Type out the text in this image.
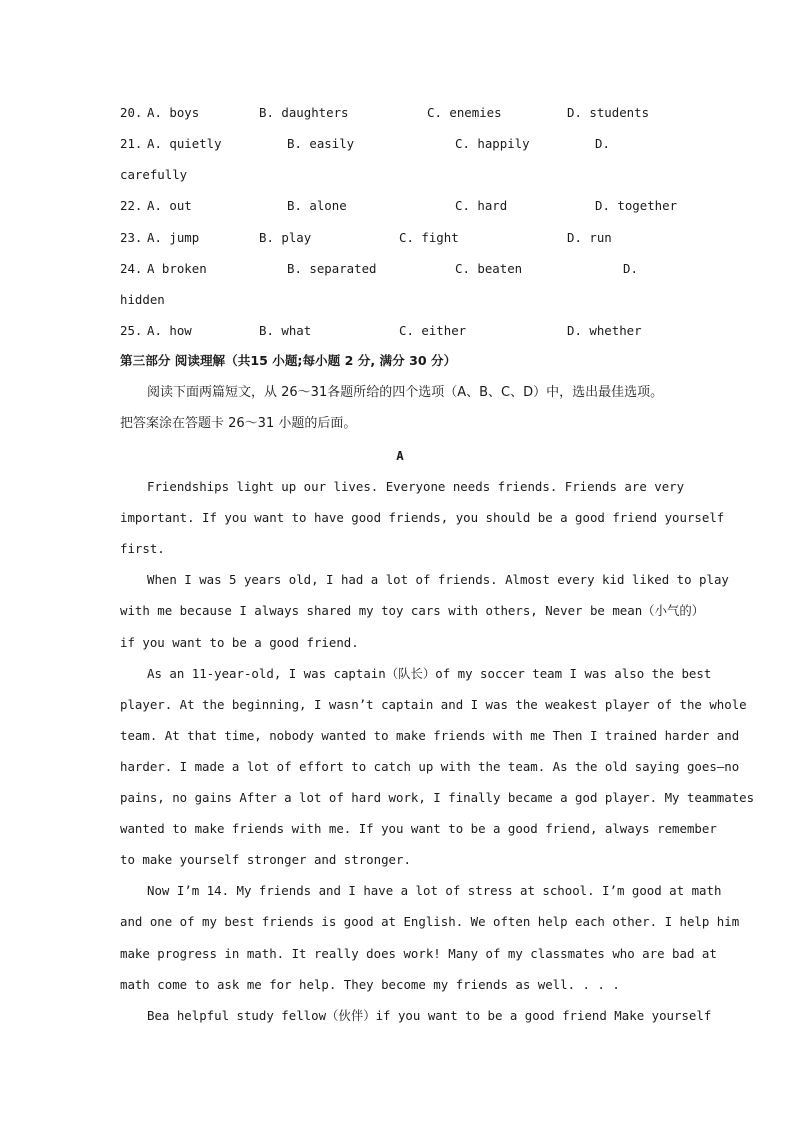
20. A. boys	B. daughters	C. enemies	D. students
21. A. quietly	B. easily	C. happily	D.
carefully
22. A. out	B. alone	C. hard	D. together
23. A. jump	B. play	C. fight	D. run
24. A broken	B. separated	C. beaten	D.
hidden
25. A. how	B. what	C. either	D. whether
第三部分 阅读理解（共15 小题;每小题 2 分, 满分 30 分）
阅读下面两篇短文，从 26～31各题所给的四个选项（A、B、C、D）中，选出最佳选项。
把答案涂在答题卡 26～31 小题的后面。
A
Friendships light up our lives. Everyone needs friends. Friends are very
important. If you want to have good friends, you should be a good friend yourself
first.
When I was 5 years old, I had a lot of friends. Almost every kid liked to play
with me because I always shared my toy cars with others, Never be mean（小气的）
if you want to be a good friend.
As an 11-year-old, I was captain（队长）of my soccer team I was also the best
player. At the beginning, I wasn’t captain and I was the weakest player of the whole
team. At that time, nobody wanted to make friends with me Then I trained harder and
harder. I made a lot of effort to catch up with the team. As the old saying goes—no
pains, no gains After a lot of hard work, I finally became a god player. My teammates
wanted to make friends with me. If you want to be a good friend, always remember
to make yourself stronger and stronger.
Now I’m 14. My friends and I have a lot of stress at school. I’m good at math
and one of my best friends is good at English. We often help each other. I help him
make progress in math. It really does work! Many of my classmates who are bad at
math come to ask me for help. They become my friends as well. . . .
Bea helpful study fellow（伙伴）if you want to be a good friend Make yourself
